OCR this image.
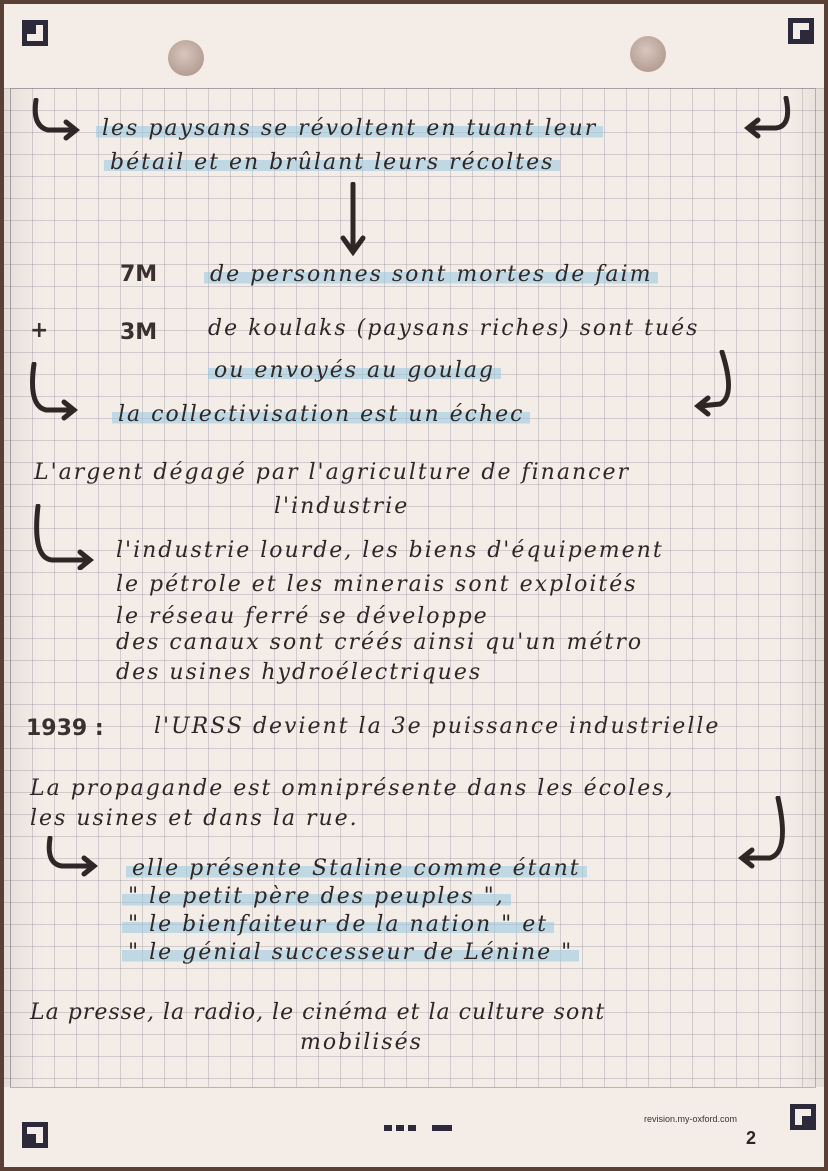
les paysans se révoltent en tuant leur
bétail et en brûlant leurs récoltes
7M de personnes sont mortes de faim
+	3M de koulaks (paysans riches) sont tués
ou envoyés au goulag
la collectivisation est un échec
L'argent dégagé par l'agriculture de financer
l'industrie
l'industrie lourde, les biens d'équipement
le pétrole et les minerais sont exploités
le réseau ferré se développe
des canaux sont créés ainsi qu'un métro
des usines hydroélectriques
1939 : l'URSS devient la 3e puissance industrielle
La propagande est omniprésente dans les écoles,
les usines et dans la rue.
elle présente Staline comme étant
" le petit père des peuples ",
" le bienfaiteur de la nation " et
" le génial successeur de Lénine "
La presse, la radio, le cinéma et la culture sont
mobilisés
revision.my-oxford.com
2
